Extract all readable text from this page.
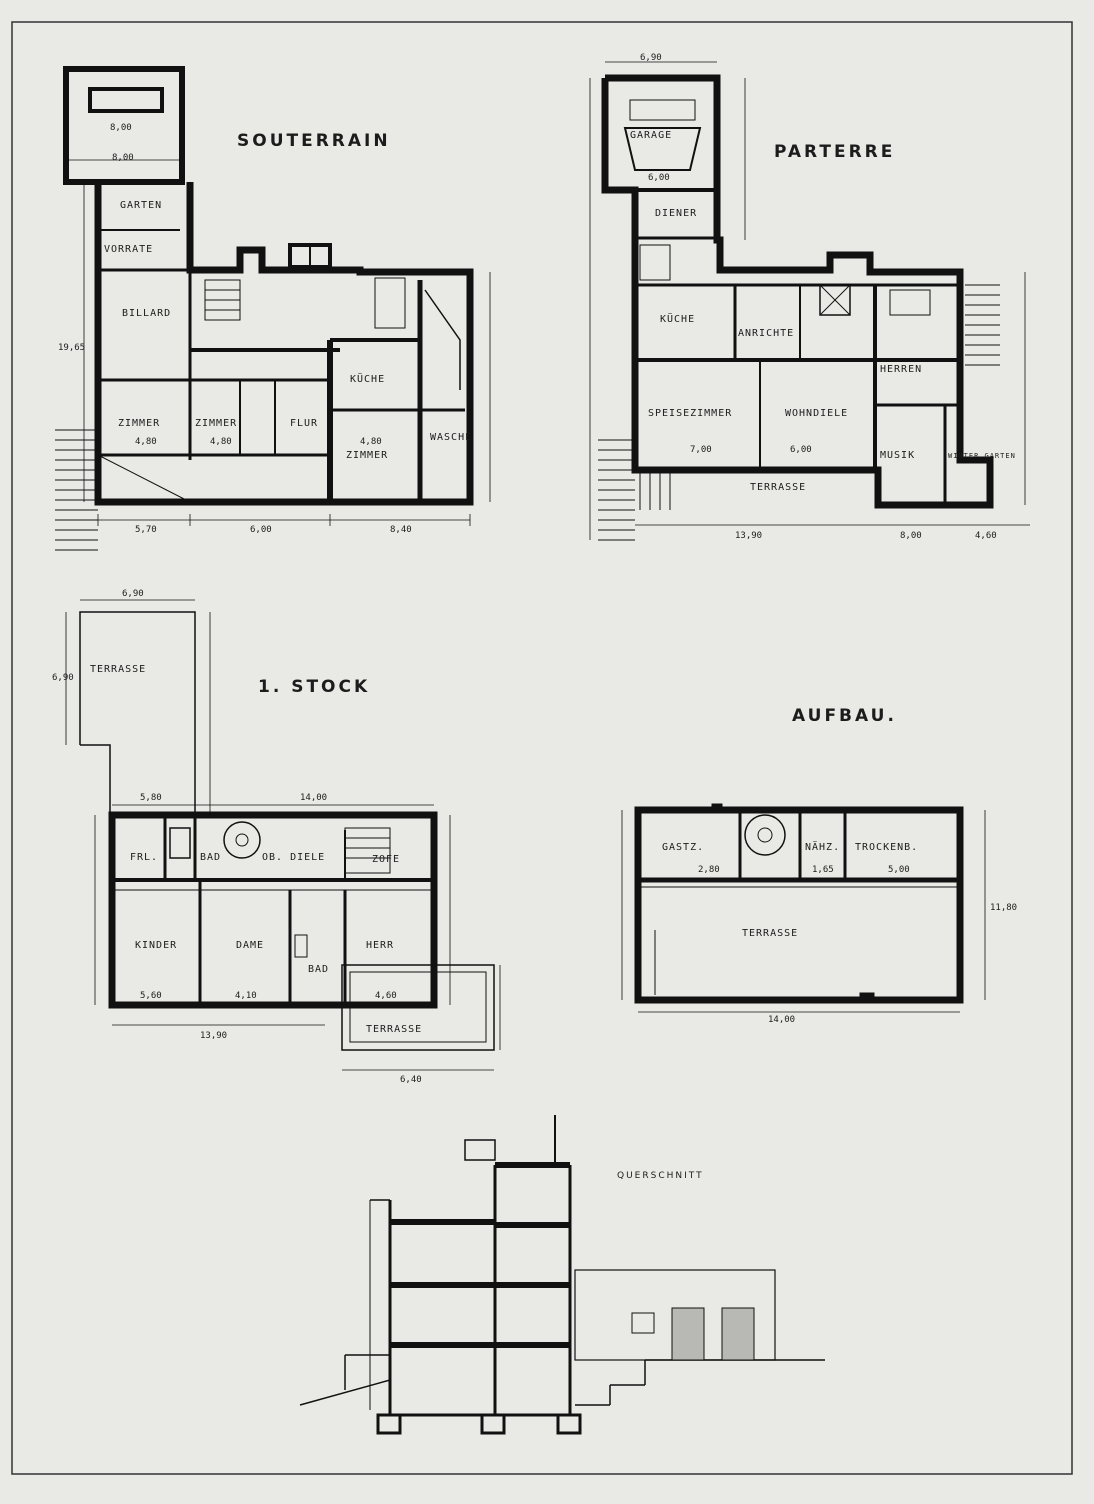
SOUTERRAIN
PARTERRE
1. STOCK
AUFBAU.
QUERSCHNITT
GARTEN
VORRATE
BILLARD
ZIMMER	ZIMMER
ZIMMER
KÜCHE
FLUR
WASCHE
8,00
6,00
5,70
8,00
8,40
19,65
4,80	4,80
4,80
GARAGE
DIENER
KÜCHE
ANRICHTE
HERREN
SPEISEZIMMER	WOHNDIELE
TERRASSE
MUSIK	WINTER GARTEN
6,90
6,00
7,00	6,00
13,90	8,00	4,60
TERRASSE
FRL.	BAD	OB. DIELE	ZOFE
KINDER	DAME
BAD
HERR
TERRASSE
6,90
6,90
5,80	14,00
13,90
5,60	4,10	4,60
6,40
GASTZ.	NÄHZ. TROCKENB.
TERRASSE
2,80	1,65	5,00
14,00
11,80
